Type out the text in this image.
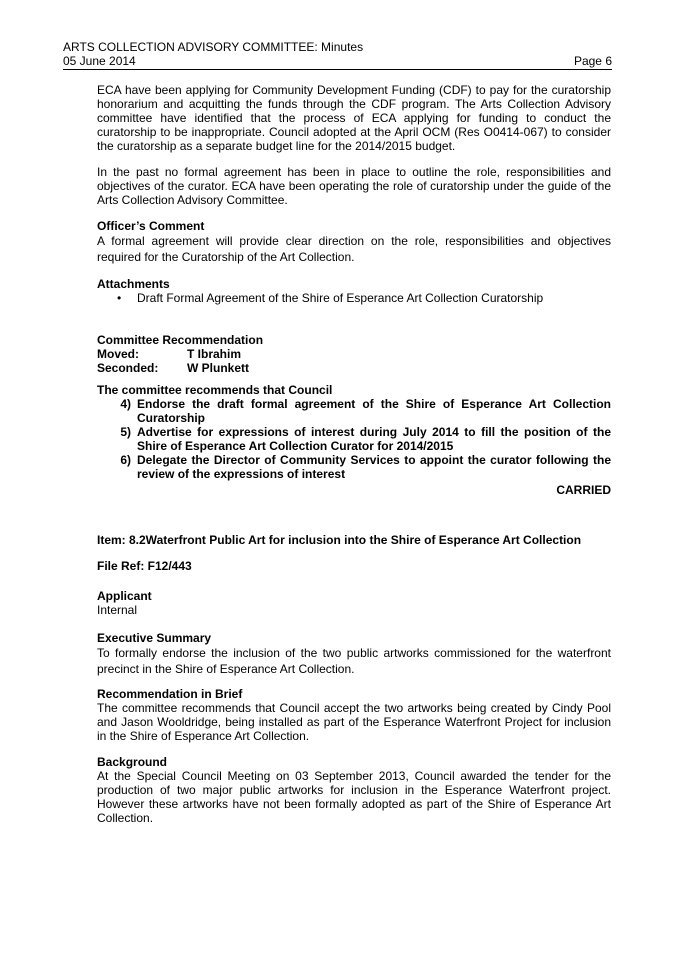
ARTS COLLECTION ADVISORY COMMITTEE: Minutes
05 June 2014	Page 6

ECA have been applying for Community Development Funding (CDF) to pay for the curatorship honorarium and acquitting the funds through the CDF program. The Arts Collection Advisory committee have identified that the process of ECA applying for funding to conduct the curatorship to be inappropriate. Council adopted at the April OCM (Res O0414-067) to consider the curatorship as a separate budget line for the 2014/2015 budget.

In the past no formal agreement has been in place to outline the role, responsibilities and objectives of the curator. ECA have been operating the role of curatorship under the guide of the Arts Collection Advisory Committee.

Officer’s Comment

A formal agreement will provide clear direction on the role, responsibilities and objectives required for the Curatorship of the Art Collection.

Attachments

• Draft Formal Agreement of the Shire of Esperance Art Collection Curatorship

Committee Recommendation

Moved:	T Ibrahim
Seconded:	W Plunkett

The committee recommends that Council

4) Endorse the draft formal agreement of the Shire of Esperance Art Collection Curatorship
5) Advertise for expressions of interest during July 2014 to fill the position of the Shire of Esperance Art Collection Curator for 2014/2015
6) Delegate the Director of Community Services to appoint the curator following the review of the expressions of interest
CARRIED

Item: 8.2Waterfront Public Art for inclusion into the Shire of Esperance Art Collection

File Ref: F12/443

Applicant

Internal

Executive Summary

To formally endorse the inclusion of the two public artworks commissioned for the waterfront precinct in the Shire of Esperance Art Collection.

Recommendation in Brief

The committee recommends that Council accept the two artworks being created by Cindy Pool and Jason Wooldridge, being installed as part of the Esperance Waterfront Project for inclusion in the Shire of Esperance Art Collection.

Background

At the Special Council Meeting on 03 September 2013, Council awarded the tender for the production of two major public artworks for inclusion in the Esperance Waterfront project. However these artworks have not been formally adopted as part of the Shire of Esperance Art Collection.
